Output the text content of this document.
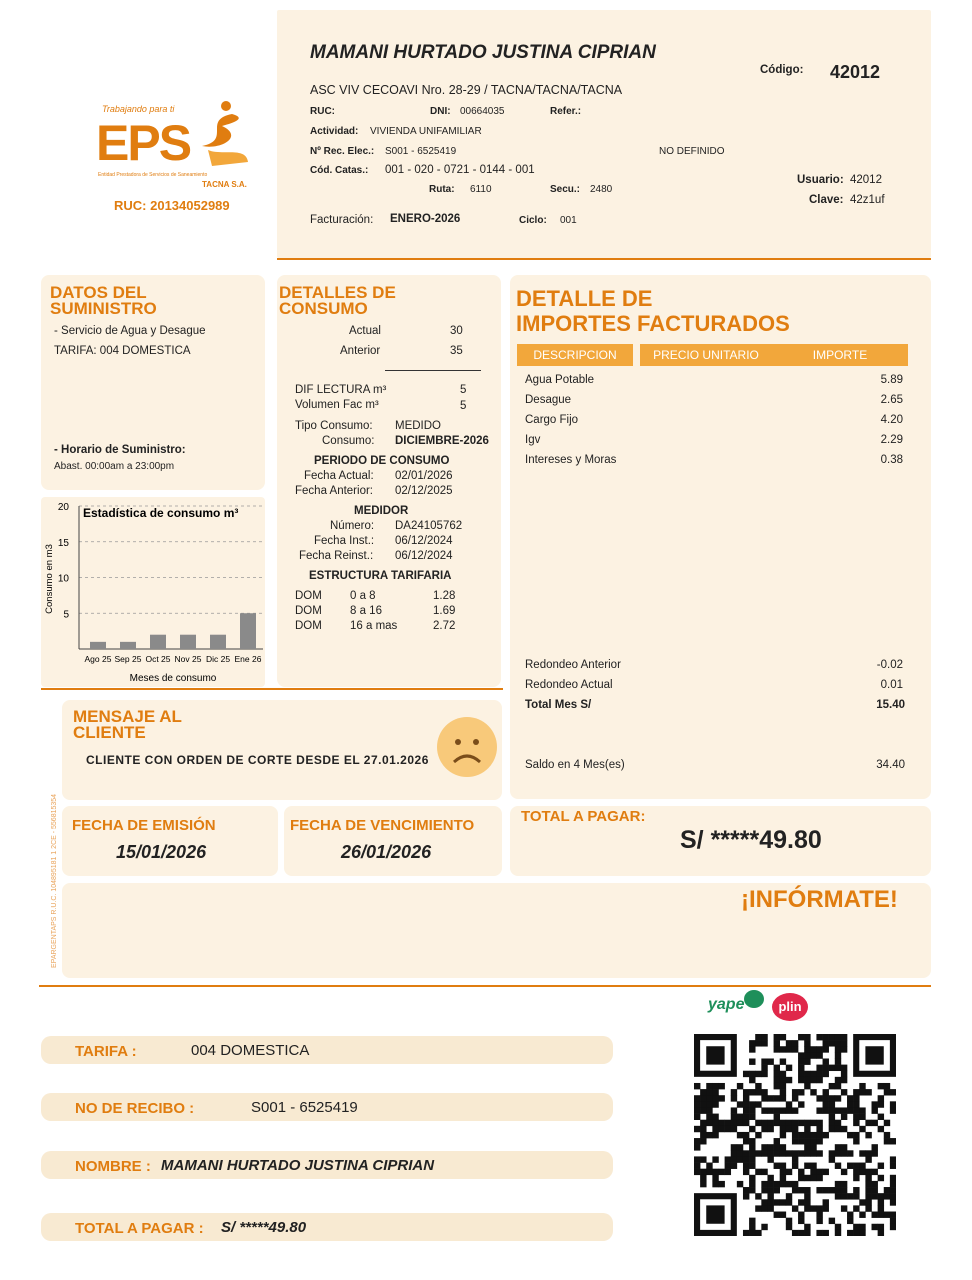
Trabajando para ti
EPS
Entidad Prestadora de Servicios de Saneamiento
TACNA S.A.
RUC: 20134052989
MAMANI HURTADO JUSTINA CIPRIAN
Código: 42012
ASC VIV CECOAVI Nro. 28-29 / TACNA/TACNA/TACNA
RUC:	DNI: 00664035	Refer.:
Actividad: VIVIENDA UNIFAMILIAR
Nº Rec. Elec.: S001 - 6525419	NO DEFINIDO
Cód. Catas.: 001 - 020 - 0721 - 0144 - 001
Usuario: 42012
Ruta: 6110	Secu.: 2480
Clave: 42z1uf
Facturación: ENERO-2026	Ciclo: 001
DATOS DEL
SUMINISTRO
- Servicio de Agua y Desague
TARIFA: 004 DOMESTICA
- Horario de Suministro:
Abast. 00:00am a 23:00pm
20
15
10
5
Ago 25 Sep 25 Oct 25 Nov 25 Dic 25 Ene 26
Estadística de consumo m³
Meses de consumo
Consumo en m3
DETALLES DE
CONSUMO
Actual	30
Anterior	35
DIF LECTURA m³	5
Volumen Fac m³	5
Tipo Consumo: MEDIDO
Consumo: DICIEMBRE-2026
PERIODO DE CONSUMO
Fecha Actual: 02/01/2026
Fecha Anterior: 02/12/2025
MEDIDOR
Número: DA24105762
Fecha Inst.: 06/12/2024
Fecha Reinst.: 06/12/2024
ESTRUCTURA TARIFARIA
DOM 0 a 8	1.28
DOM 8 a 16	1.69
DOM 16 a mas	2.72
DETALLE DE
IMPORTES FACTURADOS
DESCRIPCION	PRECIO UNITARIO	IMPORTE
Agua Potable	5.89
Desague	2.65
Cargo Fijo	4.20
Igv	2.29
Intereses y Moras	0.38
Redondeo Anterior	-0.02
Redondeo Actual	0.01
Total Mes S/	15.40
Saldo en 4 Mes(es)	34.40
TOTAL A PAGAR:
S/ *****49.80
MENSAJE AL
CLIENTE
CLIENTE CON ORDEN DE CORTE DESDE EL 27.01.2026
FECHA DE EMISIÓN
15/01/2026
FECHA DE VENCIMIENTO
26/01/2026
¡INFÓRMATE!
EPARGENTAPS R.U.C. 104895181 1 2CE - 556815354
yape	plin
TARIFA :	004 DOMESTICA
NO DE RECIBO :	S001 - 6525419
NOMBRE : MAMANI HURTADO JUSTINA CIPRIAN
TOTAL A PAGAR : S/ *****49.80
